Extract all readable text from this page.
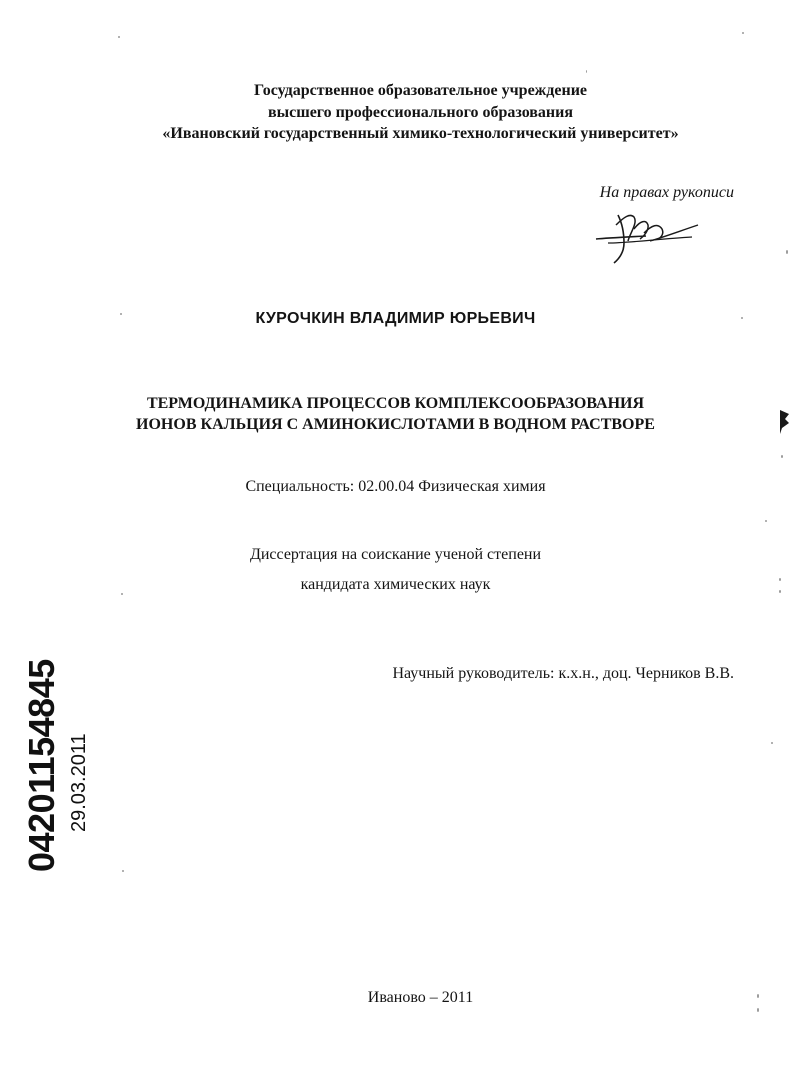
Государственное образовательное учреждение
высшего профессионального образования
«Ивановский государственный химико-технологический университет»
На правах рукописи
КУРОЧКИН ВЛАДИМИР ЮРЬЕВИЧ
ТЕРМОДИНАМИКА ПРОЦЕССОВ КОМПЛЕКСООБРАЗОВАНИЯ
ИОНОВ КАЛЬЦИЯ С АМИНОКИСЛОТАМИ В ВОДНОМ РАСТВОРЕ
Специальность: 02.00.04 Физическая химия
Диссертация на соискание ученой степени
кандидата химических наук
Научный руководитель: к.х.н., доц. Черников В.В.
Иваново – 2011
04201154845 29.03.2011
